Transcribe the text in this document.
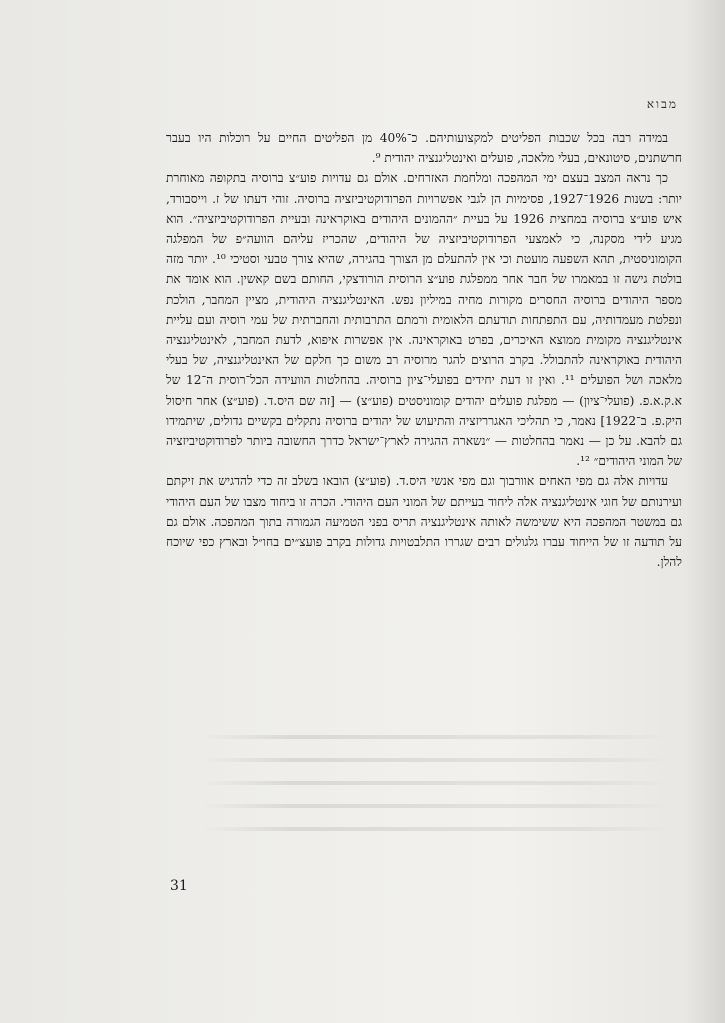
מבוא

במידה רבה בכל שכבות הפליטים למקצועותיהם. כ־40% מן הפליטים החיים על רוכלות היו בעבר חרשתנים, סיטונאים, בעלי מלאכה, פועלים ואינטליגנציה יהודית ⁹.

כך נראה המצב בעצם ימי המהפכה ומלחמת האזרחים. אולם גם עדויות פוע״צ ברוסיה בתקופה מאוחרת יותר: בשנות 1926־1927, פסימיות הן לגבי אפשרויות הפרודוקטיביזציה ברוסיה. זוהי דעתו של ז. וייסבורד, איש פוע״צ ברוסיה במחצית 1926 על בעיית ״ההמונים היהודים באוקראינה ובעיית הפרודוקטיביזציה״. הוא מגיע לידי מסקנה, כי לאמצעי הפרודוקטיביזציה של היהודים, שהכריז עליהם הוועה״פ של המפלגה הקומוניסטית, תהא השפעה מועטת וכי אין להתעלם מן הצורך בהגירה, שהיא צורך טבעי וסטיכי ¹⁰. יותר מזה בולטת גישה זו במאמרו של חבר אחר ממפלגת פוע״צ הרוסית הורודצקי, החותם בשם קאשין. הוא אומד את מספר היהודים ברוסיה החסרים מקורות מחיה במיליון נפש. האינטליגנציה היהודית, מציין המחבר, הולכת ונפלטת מעמדותיה, עם התפתחות תודעתם הלאומית ורמתם התרבותית והחברתית של עמי רוסיה ועם עליית אינטליגנציה מקומית ממוצא האיכרים, בפרט באוקראינה. אין אפשרות איפוא, לדעת המחבר, לאינטליגנציה היהודית באוקראינה להתבולל. בקרב הרוצים להגר מרוסיה רב משום כך חלקם של האינטליגנציה, של בעלי מלאכה ושל הפועלים ¹¹. ואין זו דעת יחידים בפועלי־ציון ברוסיה. בהחלטות הוועידה הכל־רוסית ה־12 של א.ק.א.פ. (פועלי־ציון) — מפלגת פועלים יהודים קומוניסטים (פוע״צ) — [זה שם היס.ד. (פוע״צ) אחר חיסול היק.פ. ב־1922] נאמר, כי תהליכי האגרריזציה והתיעוש של יהודים ברוסיה נתקלים בקשיים גדולים, שיתמידו גם להבא. על כן — נאמר בהחלטות — ״נשארה ההגירה לארץ־ישראל כדרך החשובה ביותר לפרודוקטיביזציה של המוני היהודים״ ¹².

עדויות אלה גם מפי האחים אוורבוך וגם מפי אנשי היס.ד. (פוע״צ) הובאו בשלב זה כדי להדגיש את זיקתם ועירנותם של חוגי אינטליגנציה אלה ליחוד בעייתם של המוני העם היהודי. הכרה זו ביחוד מצבו של העם היהודי גם במשטר המהפכה היא ששימשה לאותה אינטליגנציה תריס בפני הטמיעה הגמורה בתוך המהפכה. אולם גם על תודעה זו של הייחוד עברו גלגולים רבים שגררו התלבטויות גדולות בקרב פועצ״ים בחו״ל ובארץ כפי שיוכח להלן.

31
